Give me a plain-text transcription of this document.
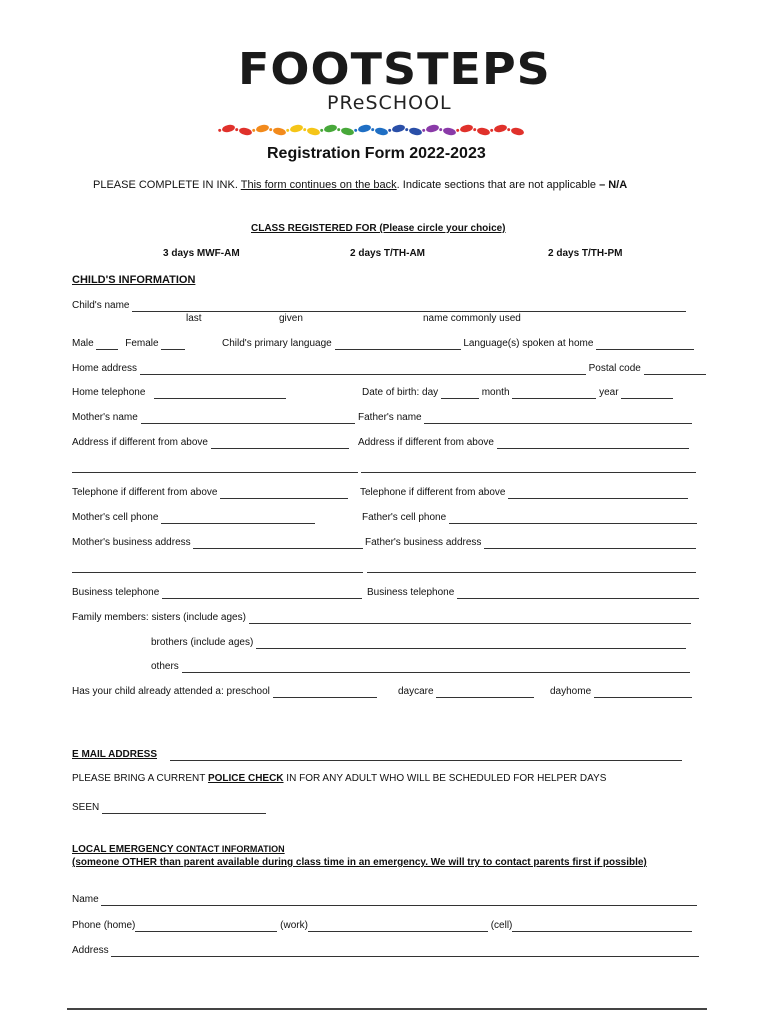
FOOTSTEPS
PReSCHOOL
Registration Form 2022-2023
PLEASE COMPLETE IN INK. This form continues on the back. Indicate sections that are not applicable – N/A
CLASS REGISTERED FOR (Please circle your choice)
3 days MWF-AM	2 days T/TH-AM	2 days T/TH-PM
CHILD'S INFORMATION
Child's name
last	given	name commonly used
Male	Female	Child's primary language	Language(s) spoken at home
Home address	Postal code
Home telephone	Date of birth: day	month	year
Mother's name	Father's name
Address if different from above	Address if different from above
Telephone if different from above	Telephone if different from above
Mother's cell phone	Father's cell phone
Mother's business address	Father's business address
Business telephone	Business telephone
Family members: sisters (include ages)
brothers (include ages)
others
Has your child already attended a: preschool	daycare	dayhome
E MAIL ADDRESS
PLEASE BRING A CURRENT POLICE CHECK IN FOR ANY ADULT WHO WILL BE SCHEDULED FOR HELPER DAYS
SEEN
LOCAL EMERGENCY CONTACT INFORMATION
(someone OTHER than parent available during class time in an emergency. We will try to contact parents first if possible)
Name
Phone (home)	(work)	(cell)
Address
